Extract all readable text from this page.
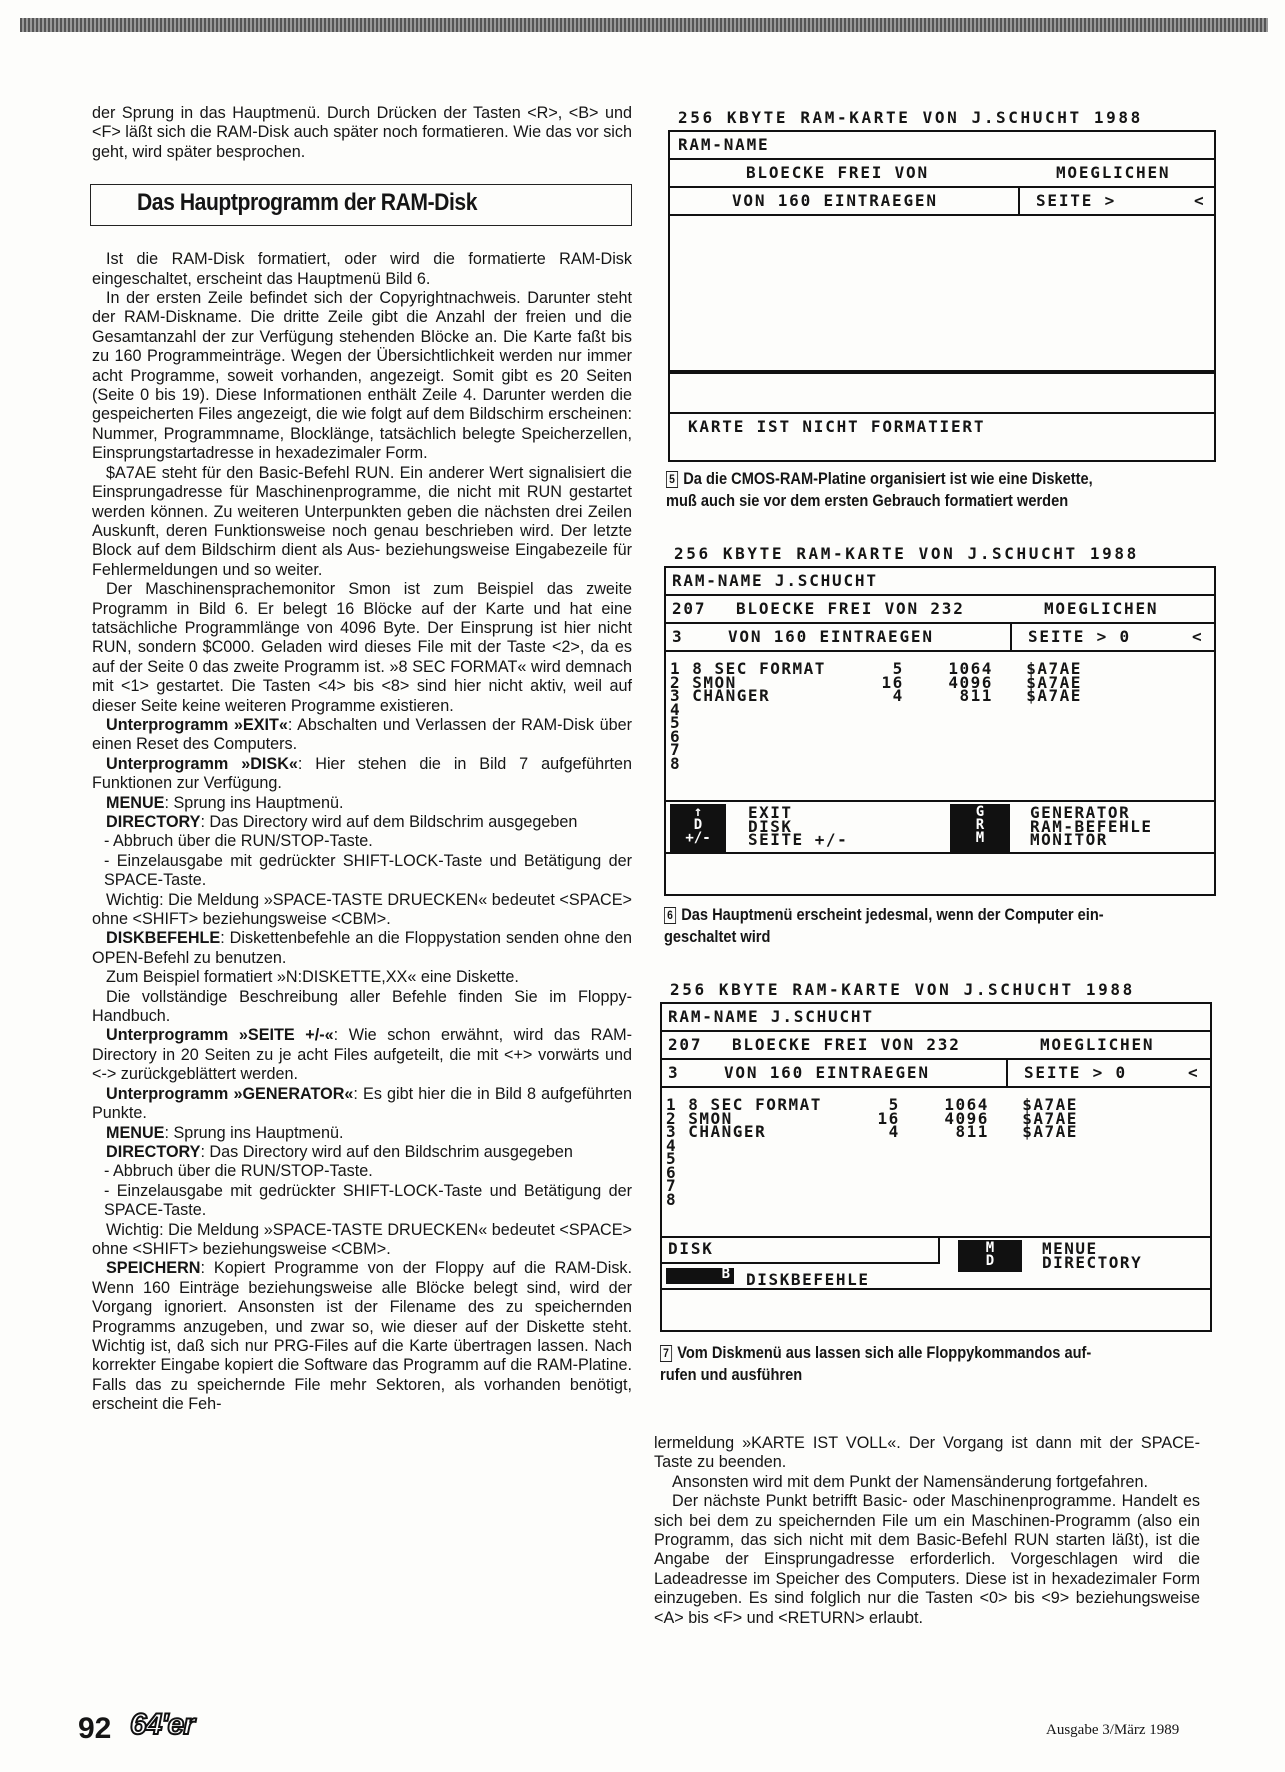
der Sprung in das Hauptmenü. Durch Drücken der Tasten <R>, <B> und <F> läßt sich die RAM-Disk auch später noch formatieren. Wie das vor sich geht, wird später besprochen.

Das Hauptprogramm der RAM-Disk

Ist die RAM-Disk formatiert, oder wird die formatierte RAM-Disk eingeschaltet, erscheint das Hauptmenü Bild 6.

In der ersten Zeile befindet sich der Copyrightnachweis. Darunter steht der RAM-Diskname. Die dritte Zeile gibt die Anzahl der freien und die Gesamtanzahl der zur Verfügung stehenden Blöcke an. Die Karte faßt bis zu 160 Programmeinträge. Wegen der Übersichtlichkeit werden nur immer acht Programme, soweit vorhanden, angezeigt. Somit gibt es 20 Seiten (Seite 0 bis 19). Diese Informationen enthält Zeile 4. Darunter werden die gespeicherten Files angezeigt, die wie folgt auf dem Bildschirm erscheinen: Nummer, Programmname, Blocklänge, tatsächlich belegte Speicherzellen, Einsprungstartadresse in hexadezimaler Form.

$A7AE steht für den Basic-Befehl RUN. Ein anderer Wert signalisiert die Einsprungadresse für Maschinenprogramme, die nicht mit RUN gestartet werden können. Zu weiteren Unterpunkten geben die nächsten drei Zeilen Auskunft, deren Funktionsweise noch genau beschrieben wird. Der letzte Block auf dem Bildschirm dient als Aus- beziehungsweise Eingabezeile für Fehlermeldungen und so weiter.

Der Maschinensprachemonitor Smon ist zum Beispiel das zweite Programm in Bild 6. Er belegt 16 Blöcke auf der Karte und hat eine tatsächliche Programmlänge von 4096 Byte. Der Einsprung ist hier nicht RUN, sondern $C000. Geladen wird dieses File mit der Taste <2>, da es auf der Seite 0 das zweite Programm ist. »8 SEC FORMAT« wird demnach mit <1> gestartet. Die Tasten <4> bis <8> sind hier nicht aktiv, weil auf dieser Seite keine weiteren Programme existieren.

Unterprogramm »EXIT«: Abschalten und Verlassen der RAM-Disk über einen Reset des Computers.

Unterprogramm »DISK«: Hier stehen die in Bild 7 aufgeführten Funktionen zur Verfügung.

MENUE: Sprung ins Hauptmenü.

DIRECTORY: Das Directory wird auf dem Bildschrim ausgegeben

- Abbruch über die RUN/STOP-Taste.

- Einzelausgabe mit gedrückter SHIFT-LOCK-Taste und Betätigung der SPACE-Taste.

Wichtig: Die Meldung »SPACE-TASTE DRUECKEN« bedeutet <SPACE> ohne <SHIFT> beziehungsweise <CBM>.

DISKBEFEHLE: Diskettenbefehle an die Floppystation senden ohne den OPEN-Befehl zu benutzen.

Zum Beispiel formatiert »N:DISKETTE,XX« eine Diskette.

Die vollständige Beschreibung aller Befehle finden Sie im Floppy-Handbuch.

Unterprogramm »SEITE +/-«: Wie schon erwähnt, wird das RAM-Directory in 20 Seiten zu je acht Files aufgeteilt, die mit <+> vorwärts und <-> zurückgeblättert werden.

Unterprogramm »GENERATOR«: Es gibt hier die in Bild 8 aufgeführten Punkte.

MENUE: Sprung ins Hauptmenü.

DIRECTORY: Das Directory wird auf den Bildschrim ausgegeben

- Abbruch über die RUN/STOP-Taste.

- Einzelausgabe mit gedrückter SHIFT-LOCK-Taste und Betätigung der SPACE-Taste.

Wichtig: Die Meldung »SPACE-TASTE DRUECKEN« bedeutet <SPACE> ohne <SHIFT> beziehungsweise <CBM>.

SPEICHERN: Kopiert Programme von der Floppy auf die RAM-Disk. Wenn 160 Einträge beziehungsweise alle Blöcke belegt sind, wird der Vorgang ignoriert. Ansonsten ist der Filename des zu speichernden Programms anzugeben, und zwar so, wie dieser auf der Diskette steht. Wichtig ist, daß sich nur PRG-Files auf die Karte übertragen lassen. Nach korrekter Eingabe kopiert die Software das Programm auf die RAM-Platine. Falls das zu speichernde File mehr Sektoren, als vorhanden benötigt, erscheint die Feh-

256 KBYTE RAM-KARTE VON J.SCHUCHT 1988
RAM-NAME
BLOECKE FREI VON	MOEGLICHEN
VON 160 EINTRAEGEN	SEITE >	<
KARTE IST NICHT FORMATIERT
5 Da die CMOS-RAM-Platine organisiert ist wie eine Diskette,
muß auch sie vor dem ersten Gebrauch formatiert werden
256 KBYTE RAM-KARTE VON J.SCHUCHT 1988
RAM-NAME J.SCHUCHT
207 BLOECKE FREI VON 232	MOEGLICHEN
3	VON 160 EINTRAEGEN	SEITE > 0	<
1 8 SEC FORMAT      5    1064   $A7AE
2 SMON             16    4096   $A7AE
3 CHANGER           4     811   $A7AE
4
5
6
7
8
↑
D
+/-
EXIT
DISK
SEITE +/-
G
R
M
GENERATOR
RAM-BEFEHLE
MONITOR
6 Das Hauptmenü erscheint jedesmal, wenn der Computer ein-
geschaltet wird
256 KBYTE RAM-KARTE VON J.SCHUCHT 1988
RAM-NAME J.SCHUCHT
207 BLOECKE FREI VON 232	MOEGLICHEN
3	VON 160 EINTRAEGEN	SEITE > 0	<
1 8 SEC FORMAT      5    1064   $A7AE
2 SMON             16    4096   $A7AE
3 CHANGER           4     811   $A7AE
4
5
6
7
8
DISK	M
D
MENUE
DIRECTORY
B DISKBEFEHLE
7 Vom Diskmenü aus lassen sich alle Floppykommandos auf-
rufen und ausführen

lermeldung »KARTE IST VOLL«. Der Vorgang ist dann mit der SPACE-Taste zu beenden.

Ansonsten wird mit dem Punkt der Namensänderung fortgefahren.

Der nächste Punkt betrifft Basic- oder Maschinenprogramme. Handelt es sich bei dem zu speichernden File um ein Maschinen-Programm (also ein Programm, das sich nicht mit dem Basic-Befehl RUN starten läßt), ist die Angabe der Einsprungadresse erforderlich. Vorgeschlagen wird die Ladeadresse im Speicher des Computers. Diese ist in hexadezimaler Form einzugeben. Es sind folglich nur die Tasten <0> bis <9> beziehungsweise <A> bis <F> und <RETURN> erlaubt.

92 64'er	Ausgabe 3/März 1989
